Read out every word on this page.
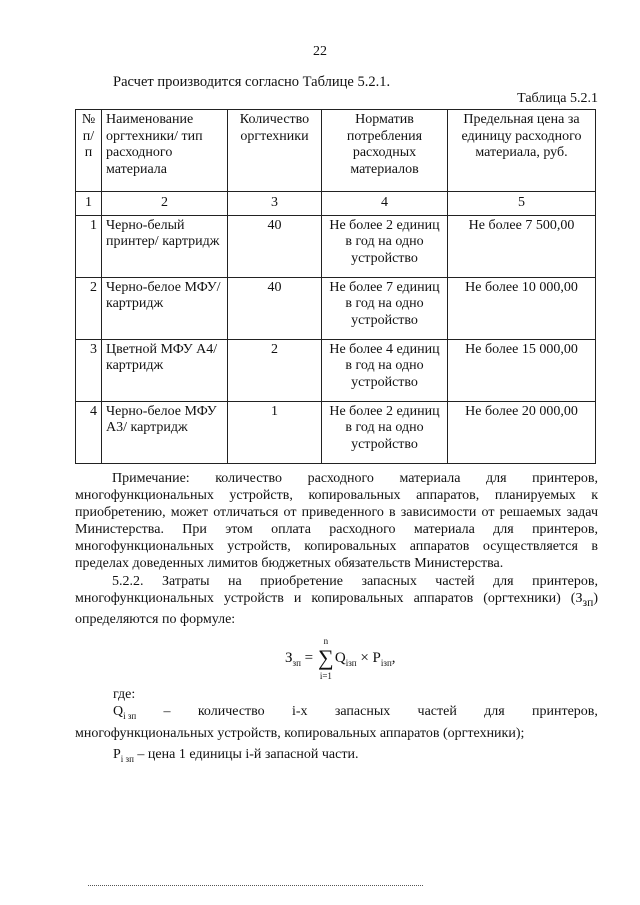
22
Расчет производится согласно Таблице 5.2.1.
Таблица 5.2.1
№ п/п	Наименование оргтехники/ тип расходного материала	Количество оргтехники	Норматив потребления расходных материалов	Предельная цена за единицу расходного материала, руб.
1	2	3	4	5
1	Черно-белый принтер/ картридж	40	Не более 2 единиц в год на одно устройство	Не более 7 500,00
2	Черно-белое МФУ/ картридж	40	Не более 7 единиц в год на одно устройство	Не более 10 000,00
3	Цветной МФУ А4/ картридж	2	Не более 4 единиц в год на одно устройство	Не более 15 000,00
4	Черно-белое МФУ А3/ картридж	1	Не более 2 единиц в год на одно устройство	Не более 20 000,00

Примечание: количество расходного материала для принтеров, многофункциональных устройств, копировальных аппаратов, планируемых к приобретению, может отличаться от приведенного в зависимости от решаемых задач Министерства. При этом оплата расходного материала для принтеров, многофункциональных устройств, копировальных аппаратов осуществляется в пределах доведенных лимитов бюджетных обязательств Министерства.

5.2.2. Затраты на приобретение запасных частей для принтеров, многофункциональных устройств и копировальных аппаратов (оргтехники) $(З_{зп})$ определяются по формуле:

$З_{зп}$ =
n
∑
i=1
$Q_{iзп} \times P_{iзп}$,
где:
$Q_{i зп}$ – количество i-х запасных частей для принтеров,
многофункциональных устройств, копировальных аппаратов (оргтехники);
$P_{i зп}$ – цена 1 единицы i-й запасной части.
